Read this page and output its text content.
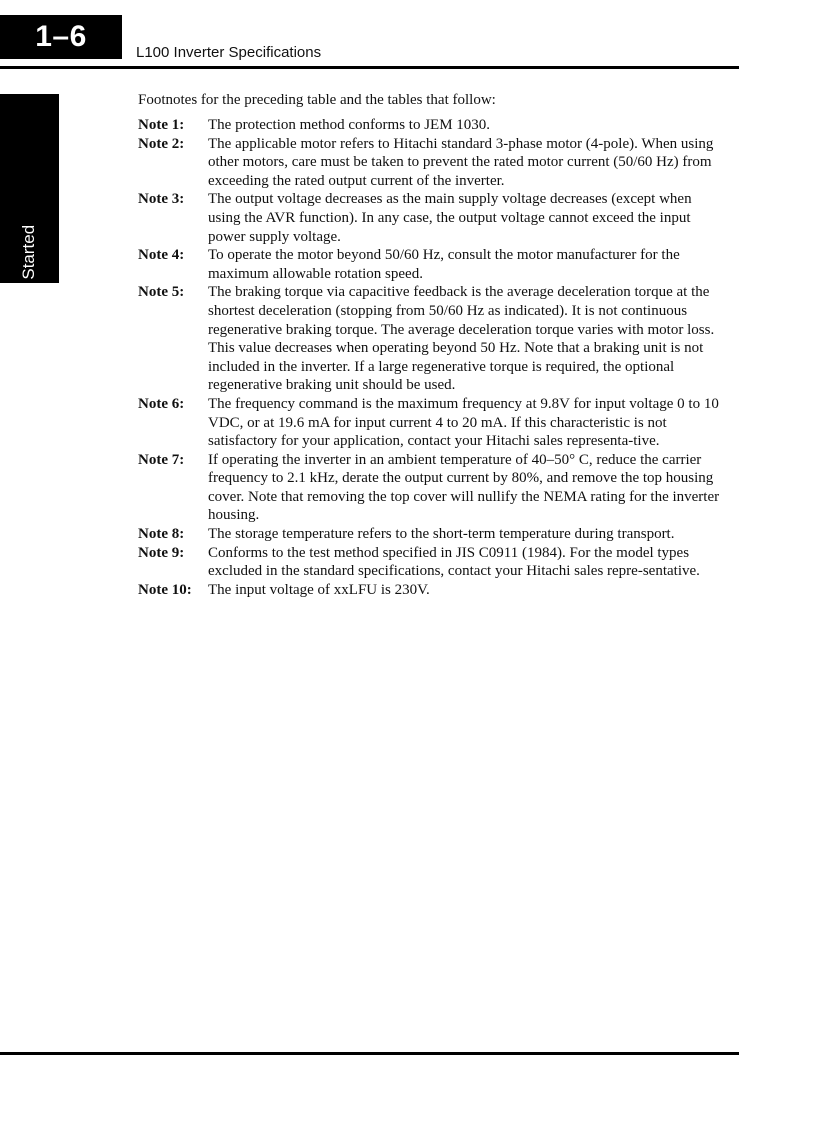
1–6	L100 Inverter Specifications
Getting Started
Footnotes for the preceding table and the tables that follow:
Note 1:	The protection method conforms to JEM 1030.
Note 2:	The applicable motor refers to Hitachi standard 3-phase motor (4-pole). When using other motors, care must be taken to prevent the rated motor current (50/60 Hz) from exceeding the rated output current of the inverter.
Note 3:	The output voltage decreases as the main supply voltage decreases (except when using the AVR function). In any case, the output voltage cannot exceed the input power supply voltage.
Note 4:	To operate the motor beyond 50/60 Hz, consult the motor manufacturer for the maximum allowable rotation speed.
Note 5:	The braking torque via capacitive feedback is the average deceleration torque at the shortest deceleration (stopping from 50/60 Hz as indicated). It is not continuous regenerative braking torque. The average deceleration torque varies with motor loss. This value decreases when operating beyond 50 Hz. Note that a braking unit is not included in the inverter. If a large regenerative torque is required, the optional regenerative braking unit should be used.
Note 6:	The frequency command is the maximum frequency at 9.8V for input voltage 0 to 10 VDC, or at 19.6 mA for input current 4 to 20 mA. If this characteristic is not satisfactory for your application, contact your Hitachi sales representa-tive.
Note 7:	If operating the inverter in an ambient temperature of 40–50° C, reduce the carrier frequency to 2.1 kHz, derate the output current by 80%, and remove the top housing cover. Note that removing the top cover will nullify the NEMA rating for the inverter housing.
Note 8:	The storage temperature refers to the short-term temperature during transport.
Note 9:	Conforms to the test method specified in JIS C0911 (1984). For the model types excluded in the standard specifications, contact your Hitachi sales repre-sentative.
Note 10:	The input voltage of xxLFU is 230V.
